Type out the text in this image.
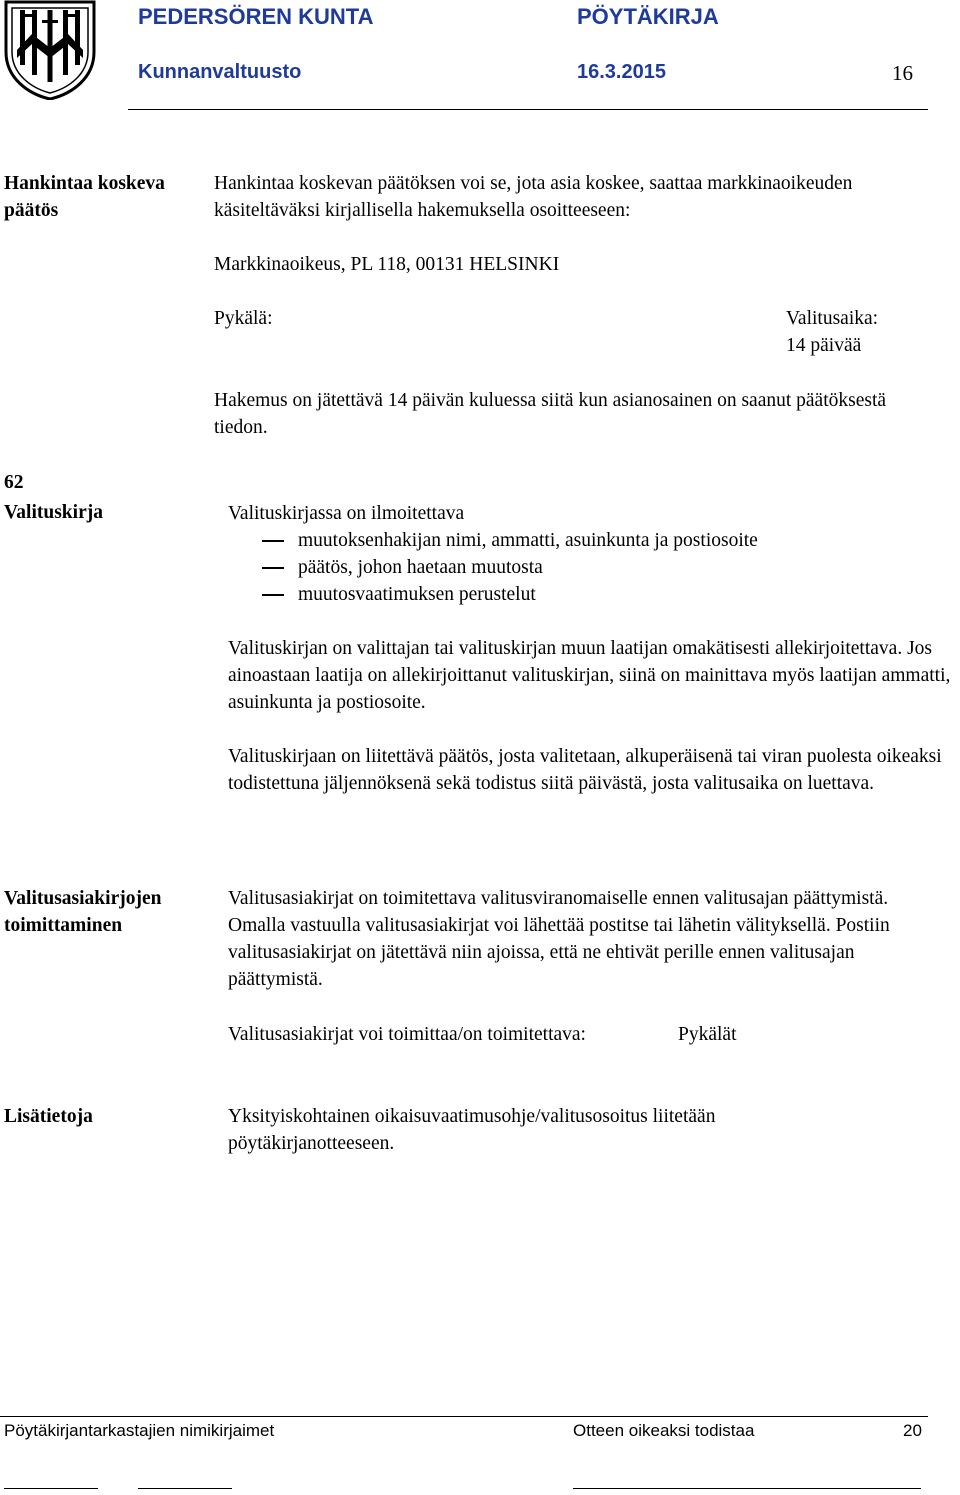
PEDERSÖREN KUNTA	PÖYTÄKIRJA
Kunnanvaltuusto	16.3.2015	16
Hankintaa koskeva
päätös

Hankintaa koskevan päätöksen voi se, jota asia koskee, saattaa markkinaoikeuden käsiteltäväksi kirjallisella hakemuksella osoitteeseen:

Markkinaoikeus, PL 118, 00131 HELSINKI
Pykälä:	Valitusaika:
14 päivää

Hakemus on jätettävä 14 päivän kuluessa siitä kun asianosainen on saanut päätöksestä tiedon.

62
Valituskirja	Valituskirjassa on ilmoitettava

muutoksenhakijan nimi, ammatti, asuinkunta ja postiosoite
päätös, johon haetaan muutosta
muutosvaatimuksen perustelut

Valituskirjan on valittajan tai valituskirjan muun laatijan omakätisesti allekirjoitettava. Jos ainoastaan laatija on allekirjoittanut valituskirjan, siinä on mainittava myös laatijan ammatti, asuinkunta ja postiosoite.

Valituskirjaan on liitettävä päätös, josta valitetaan, alkuperäisenä tai viran puolesta oikeaksi todistettuna jäljennöksenä sekä todistus siitä päivästä, josta valitusaika on luettava.

Valitusasiakirjojen
toimittaminen

Valitusasiakirjat on toimitettava valitusviranomaiselle ennen valitusajan päättymistä. Omalla vastuulla valitusasiakirjat voi lähettää postitse tai lähetin välityksellä. Postiin valitusasiakirjat on jätettävä niin ajoissa, että ne ehtivät perille ennen valitusajan päättymistä.

Valitusasiakirjat voi toimittaa/on toimitettava:	Pykälät
Lisätietoja	Yksityiskohtainen oikaisuvaatimusohje/valitusosoitus liitetään pöytäkirjanotteeseen.

Pöytäkirjantarkastajien nimikirjaimet	Otteen oikeaksi todistaa	20
